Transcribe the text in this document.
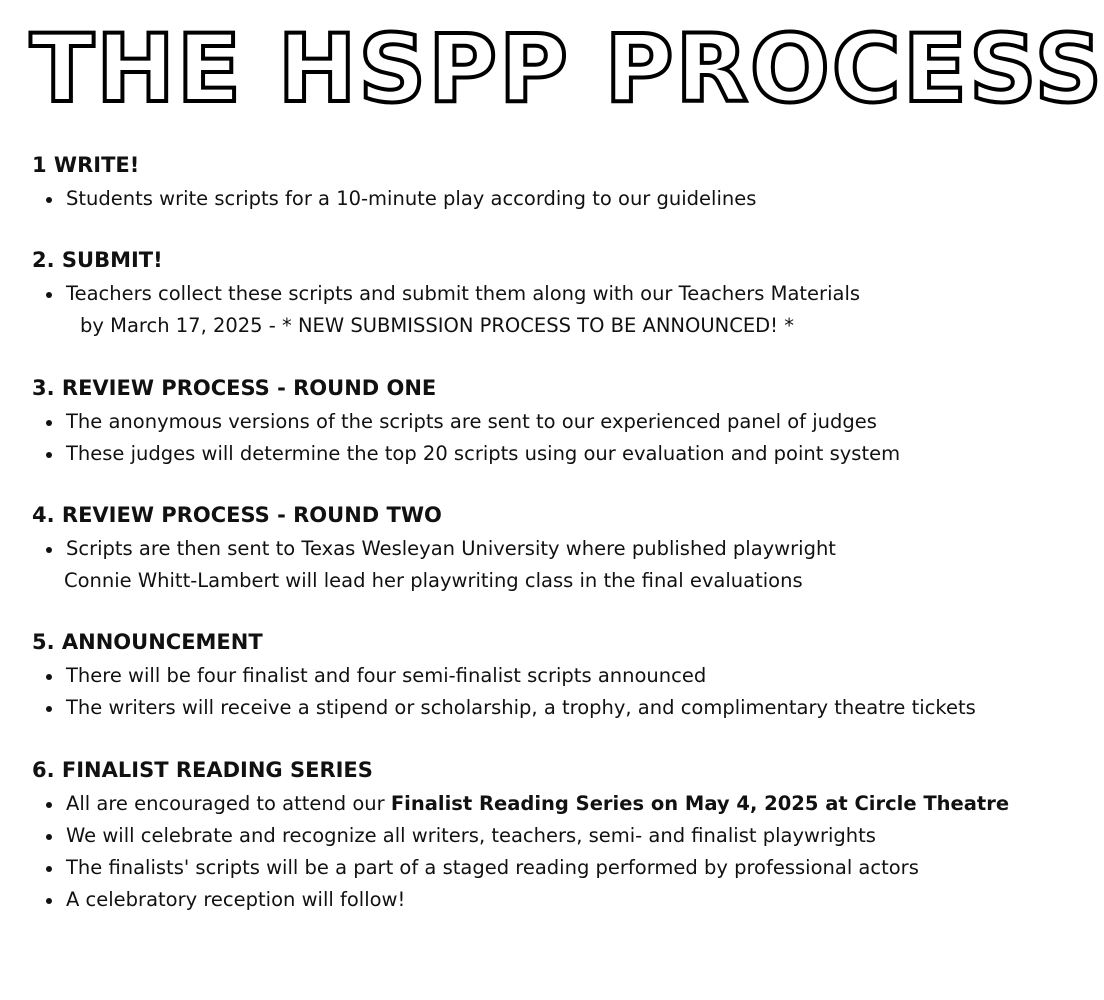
THE HSPP PROCESS
1 WRITE!
Students write scripts for a 10-minute play according to our guidelines
2. SUBMIT!
Teachers collect these scripts and submit them along with our Teachers Materials
by March 17, 2025 - * NEW SUBMISSION PROCESS TO BE ANNOUNCED! *
3. REVIEW PROCESS - ROUND ONE
The anonymous versions of the scripts are sent to our experienced panel of judges
These judges will determine the top 20 scripts using our evaluation and point system
4. REVIEW PROCESS - ROUND TWO
Scripts are then sent to Texas Wesleyan University where published playwright
Connie Whitt-Lambert will lead her playwriting class in the final evaluations
5. ANNOUNCEMENT
There will be four finalist and four semi-finalist scripts announced
The writers will receive a stipend or scholarship, a trophy, and complimentary theatre tickets
6. FINALIST READING SERIES
All are encouraged to attend our Finalist Reading Series on May 4, 2025 at Circle Theatre
We will celebrate and recognize all writers, teachers, semi- and finalist playwrights
The finalists' scripts will be a part of a staged reading performed by professional actors
A celebratory reception will follow!
